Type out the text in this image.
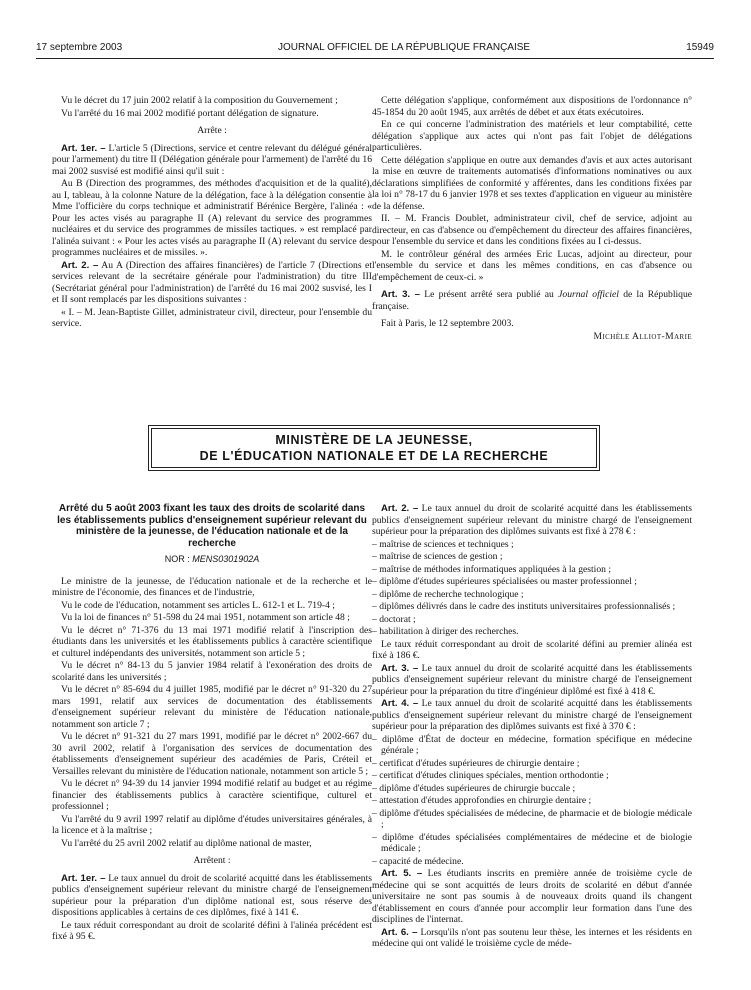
17 septembre 2003	JOURNAL OFFICIEL DE LA RÉPUBLIQUE FRANÇAISE	15949

Vu le décret du 17 juin 2002 relatif à la composition du Gouvernement ;

Vu l'arrêté du 16 mai 2002 modifié portant délégation de signature.

Arrête :

Art. 1er. – L'article 5 (Directions, service et centre relevant du délégué général pour l'armement) du titre II (Délégation générale pour l'armement) de l'arrêté du 16 mai 2002 susvisé est modifié ainsi qu'il suit :

Au B (Direction des programmes, des méthodes d'acquisition et de la qualité), au I, tableau, à la colonne Nature de la délégation, face à la délégation consentie à Mme l'officière du corps technique et administratif Bérénice Bergère, l'alinéa : « Pour les actes visés au paragraphe II (A) relevant du service des programmes nucléaires et du service des programmes de missiles tactiques. » est remplacé par l'alinéa suivant : « Pour les actes visés au paragraphe II (A) relevant du service des programmes nucléaires et de missiles. ».

Art. 2. – Au A (Direction des affaires financières) de l'article 7 (Directions et services relevant de la secrétaire générale pour l'administration) du titre III (Secrétariat général pour l'administration) de l'arrêté du 16 mai 2002 susvisé, les I et II sont remplacés par les dispositions suivantes :

« I. – M. Jean-Baptiste Gillet, administrateur civil, directeur, pour l'ensemble du service.

Cette délégation s'applique, conformément aux dispositions de l'ordonnance n° 45-1854 du 20 août 1945, aux arrêtés de débet et aux états exécutoires.

En ce qui concerne l'administration des matériels et leur comptabilité, cette délégation s'applique aux actes qui n'ont pas fait l'objet de délégations particulières.

Cette délégation s'applique en outre aux demandes d'avis et aux actes autorisant la mise en œuvre de traitements automatisés d'informations nominatives ou aux déclarations simplifiées de conformité y afférentes, dans les conditions fixées par la loi n° 78-17 du 6 janvier 1978 et ses textes d'application en vigueur au ministère de la défense.

II. – M. Francis Doublet, administrateur civil, chef de service, adjoint au directeur, en cas d'absence ou d'empêchement du directeur des affaires financières, pour l'ensemble du service et dans les conditions fixées au I ci-dessus.

M. le contrôleur général des armées Eric Lucas, adjoint au directeur, pour l'ensemble du service et dans les mêmes conditions, en cas d'absence ou d'empêchement de ceux-ci. »

Art. 3. – Le présent arrêté sera publié au Journal officiel de la République française.

Fait à Paris, le 12 septembre 2003.

Michèle Alliot-Marie

MINISTÈRE DE LA JEUNESSE,
DE L'ÉDUCATION NATIONALE ET DE LA RECHERCHE
Arrêté du 5 août 2003 fixant les taux des droits de scolarité dans les établissements publics d'enseignement supérieur relevant du ministère de la jeunesse, de l'éducation nationale et de la recherche
NOR : MENS0301902A

Le ministre de la jeunesse, de l'éducation nationale et de la recherche et le ministre de l'économie, des finances et de l'industrie,

Vu le code de l'éducation, notamment ses articles L. 612-1 et L. 719-4 ;

Vu la loi de finances n° 51-598 du 24 mai 1951, notamment son article 48 ;

Vu le décret n° 71-376 du 13 mai 1971 modifié relatif à l'inscription des étudiants dans les universités et les établissements publics à caractère scientifique et culturel indépendants des universités, notamment son article 5 ;

Vu le décret n° 84-13 du 5 janvier 1984 relatif à l'exonération des droits de scolarité dans les universités ;

Vu le décret n° 85-694 du 4 juillet 1985, modifié par le décret n° 91-320 du 27 mars 1991, relatif aux services de documentation des établissements d'enseignement supérieur relevant du ministère de l'éducation nationale, notamment son article 7 ;

Vu le décret n° 91-321 du 27 mars 1991, modifié par le décret n° 2002-667 du 30 avril 2002, relatif à l'organisation des services de documentation des établissements d'enseignement supérieur des académies de Paris, Créteil et Versailles relevant du ministère de l'éducation nationale, notamment son article 5 ;

Vu le décret n° 94-39 du 14 janvier 1994 modifié relatif au budget et au régime financier des établissements publics à caractère scientifique, culturel et professionnel ;

Vu l'arrêté du 9 avril 1997 relatif au diplôme d'études universitaires générales, à la licence et à la maîtrise ;

Vu l'arrêté du 25 avril 2002 relatif au diplôme national de master,

Arrêtent :

Art. 1er. – Le taux annuel du droit de scolarité acquitté dans les établissements publics d'enseignement supérieur relevant du ministre chargé de l'enseignement supérieur pour la préparation d'un diplôme national est, sous réserve des dispositions applicables à certains de ces diplômes, fixé à 141 €.

Le taux réduit correspondant au droit de scolarité défini à l'alinéa précédent est fixé à 95 €.

Art. 2. – Le taux annuel du droit de scolarité acquitté dans les établissements publics d'enseignement supérieur relevant du ministre chargé de l'enseignement supérieur pour la préparation des diplômes suivants est fixé à 278 € :

– maîtrise de sciences et techniques ;

– maîtrise de sciences de gestion ;

– maîtrise de méthodes informatiques appliquées à la gestion ;

– diplôme d'études supérieures spécialisées ou master professionnel ;

– diplôme de recherche technologique ;

– diplômes délivrés dans le cadre des instituts universitaires professionnalisés ;

– doctorat ;

– habilitation à diriger des recherches.

Le taux réduit correspondant au droit de scolarité défini au premier alinéa est fixé à 186 €.

Art. 3. – Le taux annuel du droit de scolarité acquitté dans les établissements publics d'enseignement supérieur relevant du ministre chargé de l'enseignement supérieur pour la préparation du titre d'ingénieur diplômé est fixé à 418 €.

Art. 4. – Le taux annuel du droit de scolarité acquitté dans les établissements publics d'enseignement supérieur relevant du ministre chargé de l'enseignement supérieur pour la préparation des diplômes suivants est fixé à 370 € :

– diplôme d'État de docteur en médecine, formation spécifique en médecine générale ;

– certificat d'études supérieures de chirurgie dentaire ;

– certificat d'études cliniques spéciales, mention orthodontie ;

– diplôme d'études supérieures de chirurgie buccale ;

– attestation d'études approfondies en chirurgie dentaire ;

– diplôme d'études spécialisées de médecine, de pharmacie et de biologie médicale ;

– diplôme d'études spécialisées complémentaires de médecine et de biologie médicale ;

– capacité de médecine.

Art. 5. – Les étudiants inscrits en première année de troisième cycle de médecine qui se sont acquittés de leurs droits de scolarité en début d'année universitaire ne sont pas soumis à de nouveaux droits quand ils changent d'établissement en cours d'année pour accomplir leur formation dans l'une des disciplines de l'internat.

Art. 6. – Lorsqu'ils n'ont pas soutenu leur thèse, les internes et les résidents en médecine qui ont validé le troisième cycle de méde-
